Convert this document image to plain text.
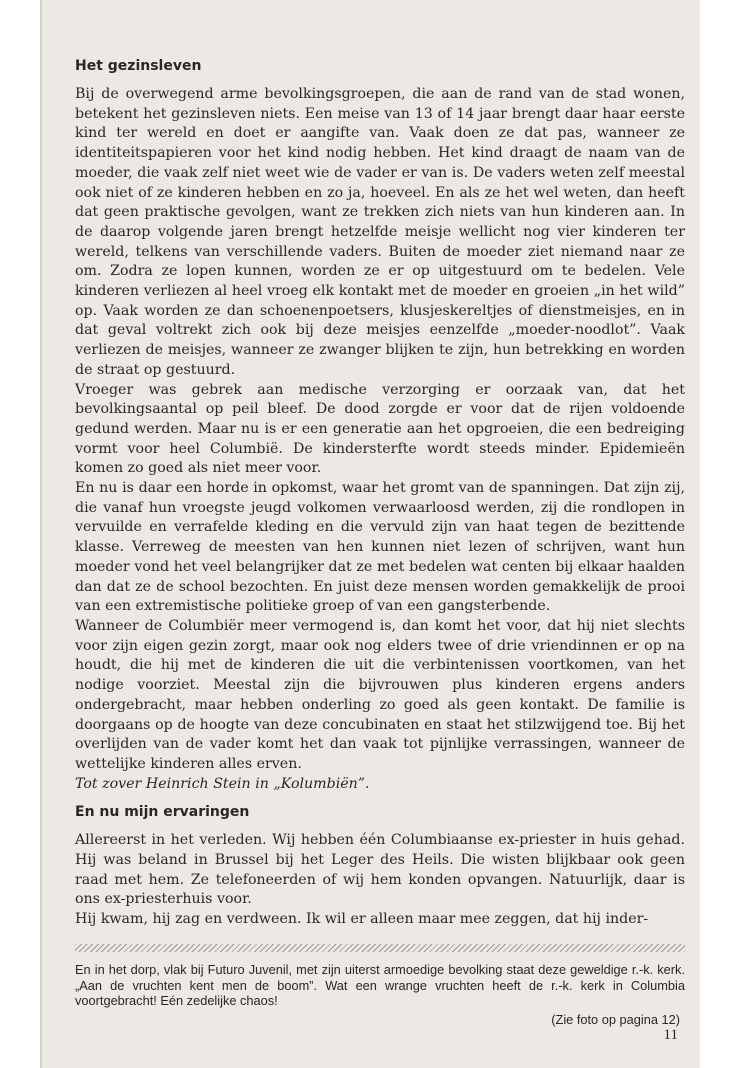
Het gezinsleven

Bij de overwegend arme bevolkingsgroepen, die aan de rand van de stad wonen, betekent het gezinsleven niets. Een meise van 13 of 14 jaar brengt daar haar eerste kind ter wereld en doet er aangifte van. Vaak doen ze dat pas, wanneer ze identiteitspapieren voor het kind nodig hebben. Het kind draagt de naam van de moeder, die vaak zelf niet weet wie de vader er van is. De vaders weten zelf meestal ook niet of ze kinderen hebben en zo ja, hoeveel. En als ze het wel weten, dan heeft dat geen praktische gevolgen, want ze trekken zich niets van hun kinderen aan. In de daarop volgende jaren brengt hetzelfde meisje wellicht nog vier kinderen ter wereld, telkens van verschillende vaders. Buiten de moeder ziet niemand naar ze om. Zodra ze lopen kunnen, worden ze er op uitgestuurd om te bedelen. Vele kinderen verliezen al heel vroeg elk kontakt met de moeder en groeien „in het wild” op. Vaak worden ze dan schoenenpoetsers, klusjeskereltjes of dienstmeisjes, en in dat geval voltrekt zich ook bij deze meisjes eenzelfde „moeder-noodlot”. Vaak verliezen de meisjes, wanneer ze zwanger blijken te zijn, hun betrekking en worden de straat op gestuurd.

Vroeger was gebrek aan medische verzorging er oorzaak van, dat het bevolkingsaantal op peil bleef. De dood zorgde er voor dat de rijen voldoende gedund werden. Maar nu is er een generatie aan het opgroeien, die een bedreiging vormt voor heel Columbië. De kindersterfte wordt steeds minder. Epidemieën komen zo goed als niet meer voor.

En nu is daar een horde in opkomst, waar het gromt van de spanningen. Dat zijn zij, die vanaf hun vroegste jeugd volkomen verwaarloosd werden, zij die rondlopen in vervuilde en verrafelde kleding en die vervuld zijn van haat tegen de bezittende klasse. Verreweg de meesten van hen kunnen niet lezen of schrijven, want hun moeder vond het veel belangrijker dat ze met bedelen wat centen bij elkaar haalden dan dat ze de school bezochten. En juist deze mensen worden gemakkelijk de prooi van een extremistische politieke groep of van een gangsterbende.

Wanneer de Columbiër meer vermogend is, dan komt het voor, dat hij niet slechts voor zijn eigen gezin zorgt, maar ook nog elders twee of drie vriendinnen er op na houdt, die hij met de kinderen die uit die verbintenissen voortkomen, van het nodige voorziet. Meestal zijn die bijvrouwen plus kinderen ergens anders ondergebracht, maar hebben onderling zo goed als geen kontakt. De familie is doorgaans op de hoogte van deze concubinaten en staat het stilzwijgend toe. Bij het overlijden van de vader komt het dan vaak tot pijnlijke verrassingen, wanneer de wettelijke kinderen alles erven.

Tot zover Heinrich Stein in „Kolumbiën”.

En nu mijn ervaringen

Allereerst in het verleden. Wij hebben één Columbiaanse ex-priester in huis gehad. Hij was beland in Brussel bij het Leger des Heils. Die wisten blijkbaar ook geen raad met hem. Ze telefoneerden of wij hem konden opvangen. Natuurlijk, daar is ons ex-priesterhuis voor.

Hij kwam, hij zag en verdween. Ik wil er alleen maar mee zeggen, dat hij inder-

En in het dorp, vlak bij Futuro Juvenil, met zijn uiterst armoedige bevolking staat deze geweldige r.-k. kerk. „Aan de vruchten kent men de boom”. Wat een wrange vruchten heeft de r.-k. kerk in Columbia voortgebracht! Eén zedelijke chaos!

(Zie foto op pagina 12)
11
